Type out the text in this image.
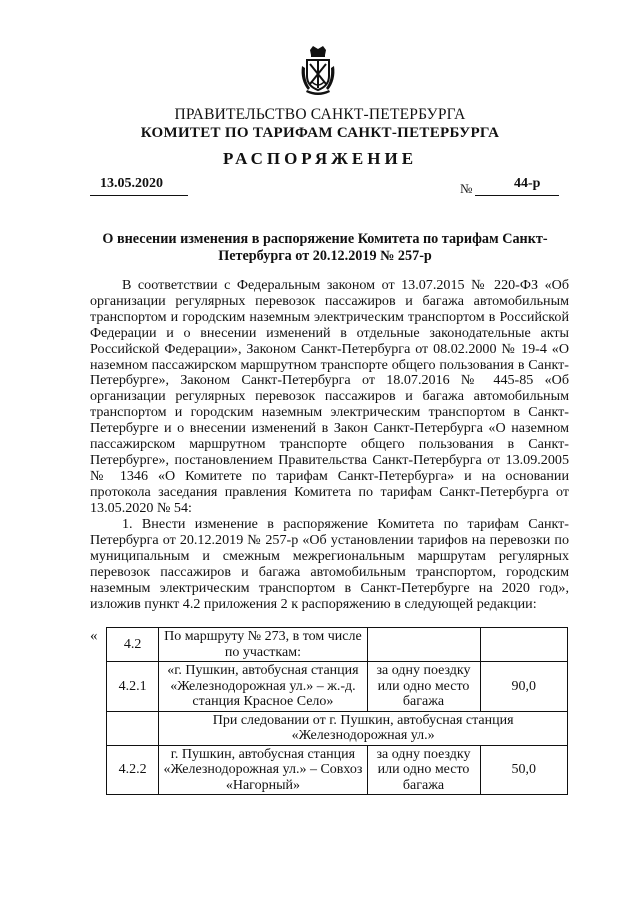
ПРАВИТЕЛЬСТВО САНКТ-ПЕТЕРБУРГА
КОМИТЕТ ПО ТАРИФАМ САНКТ-ПЕТЕРБУРГА
РАСПОРЯЖЕНИЕ
13.05.2020	№	44-р
О внесении изменения в распоряжение Комитета по тарифам Санкт-Петербурга от 20.12.2019 № 257-р

В соответствии с Федеральным законом от 13.07.2015 № 220-ФЗ «Об организации регулярных перевозок пассажиров и багажа автомобильным транспортом и городским наземным электрическим транспортом в Российской Федерации и о внесении изменений в отдельные законодательные акты Российской Федерации», Законом Санкт-Петербурга от 08.02.2000 № 19-4 «О наземном пассажирском маршрутном транспорте общего пользования в Санкт-Петербурге», Законом Санкт-Петербурга от 18.07.2016 № 445-85 «Об организации регулярных перевозок пассажиров и багажа автомобильным транспортом и городским наземным электрическим транспортом в Санкт-Петербурге и о внесении изменений в Закон Санкт-Петербурга «О наземном пассажирском маршрутном транспорте общего пользования в Санкт-Петербурге», постановлением Правительства Санкт-Петербурга от 13.09.2005 № 1346 «О Комитете по тарифам Санкт-Петербурга» и на основании протокола заседания правления Комитета по тарифам Санкт-Петербурга от 13.05.2020 № 54:

1. Внести изменение в распоряжение Комитета по тарифам Санкт-Петербурга от 20.12.2019 № 257-р «Об установлении тарифов на перевозки по муниципальным и смежным межрегиональным маршрутам регулярных перевозок пассажиров и багажа автомобильным транспортом, городским наземным электрическим транспортом в Санкт-Петербурге на 2020 год», изложив пункт 4.2 приложения 2 к распоряжению в следующей редакции:

«
4.2	По маршруту № 273, в том числе по участкам:		
4.2.1	«г. Пушкин, автобусная станция «Железнодорожная ул.» – ж.-д. станция Красное Село»	за одну поездку или одно место багажа	90,0
	При следовании от г. Пушкин, автобусная станция «Железнодорожная ул.»		
4.2.2	г. Пушкин, автобусная станция «Железнодорожная ул.» – Совхоз «Нагорный»	за одну поездку или одно место багажа	50,0
